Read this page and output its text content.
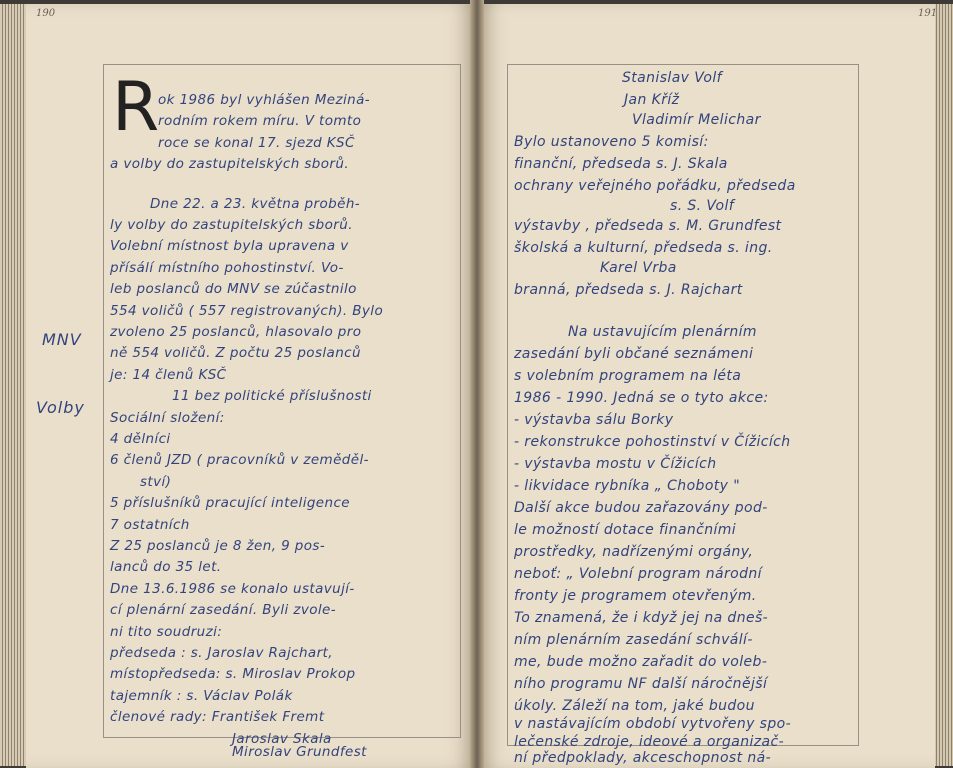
190	191
MNV
Volby
R
ok 1986 byl vyhlášen Meziná-
rodním rokem míru. V tomto
roce se konal 17. sjezd KSČ
a volby do zastupitelských sborů.
Dne 22. a 23. května proběh-
ly volby do zastupitelských sborů.
Volební místnost byla upravena v
přísálí místního pohostinství. Vo-
leb poslanců do MNV se zúčastnilo
554 voličů ( 557 registrovaných). Bylo
zvoleno 25 poslanců, hlasovalo pro
ně 554 voličů. Z počtu 25 poslanců
je: 14 členů KSČ
11 bez politické příslušnosti
Sociální složení:
4 dělníci
6 členů JZD ( pracovníků v zeměděl-
ství)
5 příslušníků pracující inteligence
7 ostatních
Z 25 poslanců je 8 žen, 9 pos-
lanců do 35 let.
Dne 13.6.1986 se konalo ustavují-
cí plenární zasedání. Byli zvole-
ni tito soudruzi:
předseda : s. Jaroslav Rajchart,
místopředseda: s. Miroslav Prokop
tajemník : s. Václav Polák
členové rady: František Fremt
Jaroslav Skala
Miroslav Grundfest
Stanislav Volf
Jan Kříž
Vladimír Melichar
Bylo ustanoveno 5 komisí:
finanční, předseda s. J. Skala
ochrany veřejného pořádku, předseda
s. S. Volf
výstavby , předseda s. M. Grundfest
školská a kulturní, předseda s. ing.
Karel Vrba
branná, předseda s. J. Rajchart
Na ustavujícím plenárním
zasedání byli občané seznámeni
s volebním programem na léta
1986 - 1990. Jedná se o tyto akce:
- výstavba sálu Borky
- rekonstrukce pohostinství v Čížicích
- výstavba mostu v Čížicích
- likvidace rybníka „ Choboty "
Další akce budou zařazovány pod-
le možností dotace finančními
prostředky, nadřízenými orgány,
neboť: „ Volební program národní
fronty je programem otevřeným.
To znamená, že i když jej na dneš-
ním plenárním zasedání schválí-
me, bude možno zařadit do voleb-
ního programu NF další náročnější
úkoly. Záleží na tom, jaké budou
v nastávajícím období vytvořeny spo-
lečenské zdroje, ideové a organizač-
ní předpoklady, akceschopnost ná-
